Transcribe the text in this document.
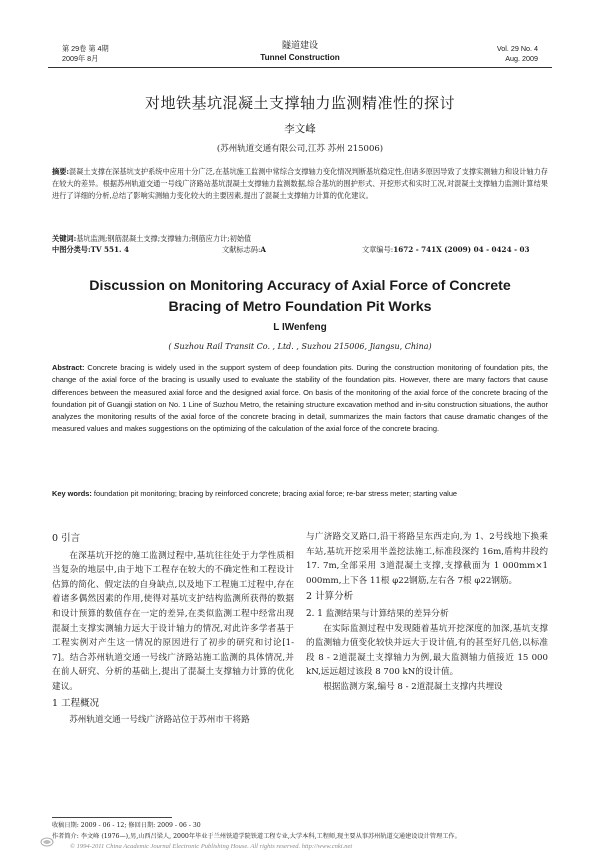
第 29卷 第 4期
2009年 8月
隧道建设
Tunnel Construction
Vol. 29 No. 4
Aug. 2009
对地铁基坑混凝土支撑轴力监测精准性的探讨
李文峰
(苏州轨道交通有限公司,江苏 苏州 215006)
摘要:混凝土支撑在深基坑支护系统中应用十分广泛,在基坑施工监测中常综合支撑轴力变化情况判断基坑稳定性,但诸多原因导致了支撑实测轴力和设计轴力存在较大的差异。根据苏州轨道交通一号线广济路站基坑混凝土支撑轴力监测数据,综合基坑的围护形式、开挖形式和实时工况,对混凝土支撑轴力监测计算结果进行了详细的分析,总结了影响实测轴力变化较大的主要因素,提出了混凝土支撑轴力计算的优化建议。
关键词:基坑监测;钢筋混凝土支撑;支撑轴力;钢筋应力计;初始值
中图分类号:TV 551. 4	文献标志码:A	文章编号:1672 - 741X (2009) 04 - 0424 - 03
Discussion on Monitoring Accuracy of Axial Force of Concrete
Bracing of Metro Foundation Pit Works
L IWenfeng
( Suzhou Rail Transit Co. , Ltd. , Suzhou 215006, Jiangsu, China)
Abstract: Concrete bracing is widely used in the support system of deep foundation pits. During the construction monitoring of foundation pits, the change of the axial force of the bracing is usually used to evaluate the stability of the foundation pits. However, there are many factors that cause differences between the measured axial force and the designed axial force. On basis of the monitoring of the axial force of the concrete bracing of the foundation pit of Guangji station on No. 1 Line of Suzhou Metro, the retaining structure excavation method and in-situ construction situations, the author analyzes the monitoring results of the axial force of the concrete bracing in detail, summarizes the main factors that cause dramatic changes of the measured values and makes suggestions on the optimizing of the calculation of the axial force of the concrete bracing.
Key words: foundation pit monitoring; bracing by reinforced concrete; bracing axial force; re-bar stress meter; starting value

0 引言

在深基坑开挖的施工监测过程中,基坑往往处于力学性质相当复杂的地层中,由于地下工程存在较大的不确定性和工程设计估算的简化、假定法的自身缺点,以及地下工程施工过程中,存在着诸多偶然因素的作用,使得对基坑支护结构监测所获得的数据和设计预算的数值存在一定的差异,在类似监测工程中经常出现混凝土支撑实测轴力远大于设计轴力的情况,对此许多学者基于工程实例对产生这一情况的原因进行了初步的研究和讨论[1-7]。结合苏州轨道交通一号线广济路站施工监测的具体情况,并在前人研究、分析的基础上,提出了混凝土支撑轴力计算的优化建议。

1 工程概况

苏州轨道交通一号线广济路站位于苏州市干将路

与广济路交叉路口,沿干将路呈东西走向,为 1、2号线地下换乘车站,基坑开挖采用半盖挖法施工,标准段深约 16m,盾构井段约 17. 7m,全部采用 3道混凝土支撑,支撑截面为 1 000mm×1 000mm,上下各 11根 φ22钢筋,左右各 7根 φ22钢筋。

2 计算分析

2. 1 监测结果与计算结果的差异分析

在实际监测过程中发现随着基坑开挖深度的加深,基坑支撑的监测轴力值变化较快并远大于设计值,有的甚至好几倍,以标准段 8 - 2道混凝土支撑轴力为例,最大监测轴力值接近 15 000 kN,远远超过该段 8 700 kN的设计值。

根据监测方案,编号 8 - 2道混凝土支撑内共埋设

收稿日期: 2009 - 06 - 12; 修回日期: 2009 - 06 - 30
作者简介: 李文峰 (1976—),男,山西吕梁人, 2000年毕业于兰州铁道学院铁道工程专业,大学本科,工程师,现主要从事苏州轨道交通建设设计管理工作。
© 1994-2011 China Academic Journal Electronic Publishing House. All rights reserved. http://www.cnki.net
